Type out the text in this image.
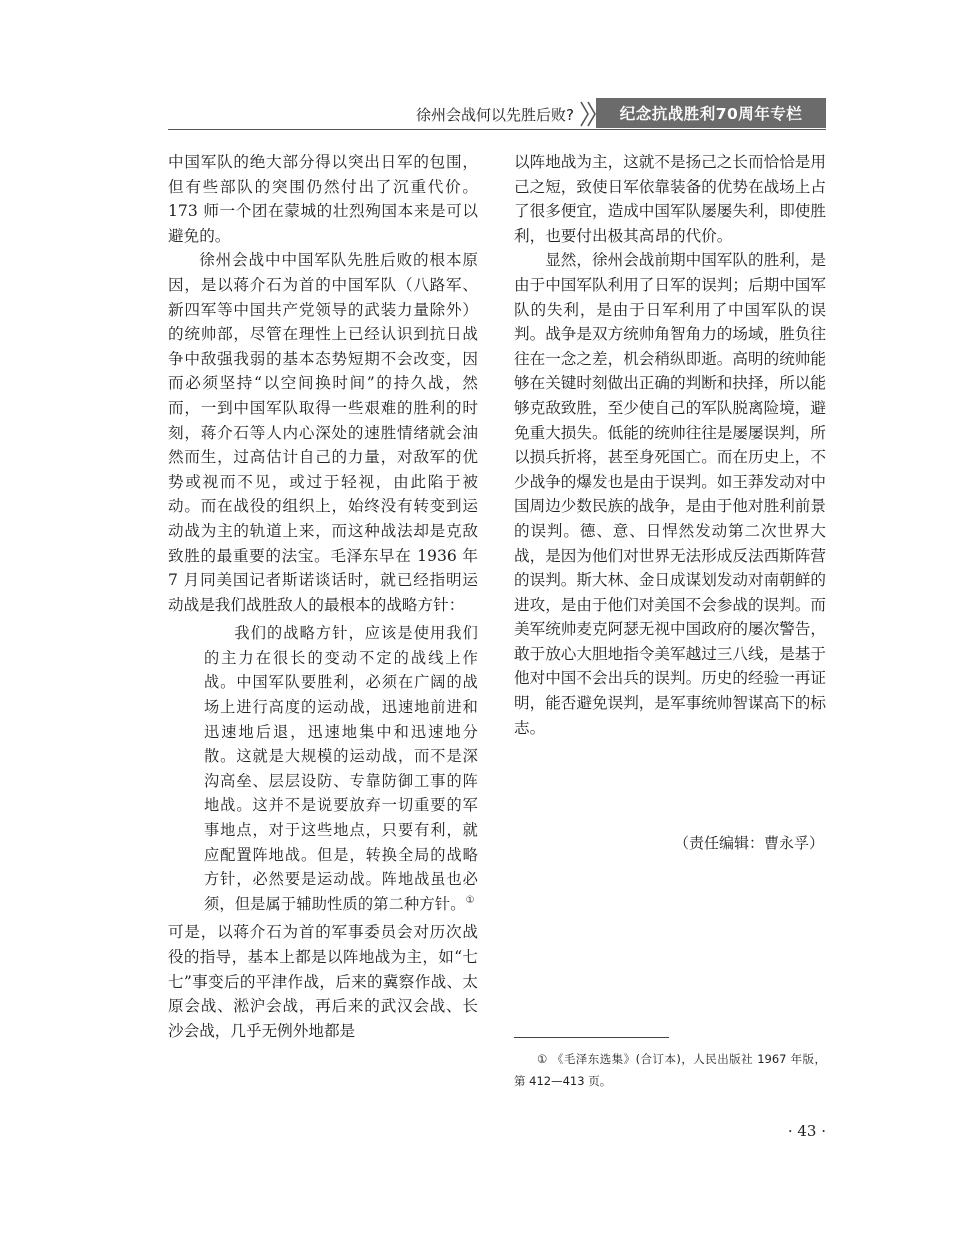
徐州会战何以先胜后败?	纪念抗战胜利70周年专栏

中国军队的绝大部分得以突出日军的包围，但有些部队的突围仍然付出了沉重代价。173 师一个团在蒙城的壮烈殉国本来是可以避免的。

徐州会战中中国军队先胜后败的根本原因，是以蒋介石为首的中国军队（八路军、新四军等中国共产党领导的武装力量除外）的统帅部，尽管在理性上已经认识到抗日战争中敌强我弱的基本态势短期不会改变，因而必须坚持“以空间换时间”的持久战，然而，一到中国军队取得一些艰难的胜利的时刻，蒋介石等人内心深处的速胜情绪就会油然而生，过高估计自己的力量，对敌军的优势或视而不见，或过于轻视，由此陷于被动。而在战役的组织上，始终没有转变到运动战为主的轨道上来，而这种战法却是克敌致胜的最重要的法宝。毛泽东早在 1936 年 7 月同美国记者斯诺谈话时，就已经指明运动战是我们战胜敌人的最根本的战略方针：

我们的战略方针，应该是使用我们的主力在很长的变动不定的战线上作战。中国军队要胜利，必须在广阔的战场上进行高度的运动战，迅速地前进和迅速地后退，迅速地集中和迅速地分散。这就是大规模的运动战，而不是深沟高垒、层层设防、专靠防御工事的阵地战。这并不是说要放弃一切重要的军事地点，对于这些地点，只要有利，就应配置阵地战。但是，转换全局的战略方针，必然要是运动战。阵地战虽也必须，但是属于辅助性质的第二种方针。①

可是，以蒋介石为首的军事委员会对历次战役的指导，基本上都是以阵地战为主，如“七七”事变后的平津作战，后来的冀察作战、太原会战、淞沪会战，再后来的武汉会战、长沙会战，几乎无例外地都是

以阵地战为主，这就不是扬己之长而恰恰是用己之短，致使日军依靠装备的优势在战场上占了很多便宜，造成中国军队屡屡失利，即使胜利，也要付出极其高昂的代价。

显然，徐州会战前期中国军队的胜利，是由于中国军队利用了日军的误判；后期中国军队的失利，是由于日军利用了中国军队的误判。战争是双方统帅角智角力的场域，胜负往往在一念之差，机会稍纵即逝。高明的统帅能够在关键时刻做出正确的判断和抉择，所以能够克敌致胜，至少使自己的军队脱离险境，避免重大损失。低能的统帅往往是屡屡误判，所以损兵折将，甚至身死国亡。而在历史上，不少战争的爆发也是由于误判。如王莽发动对中国周边少数民族的战争，是由于他对胜利前景的误判。德、意、日悍然发动第二次世界大战，是因为他们对世界无法形成反法西斯阵营的误判。斯大林、金日成谋划发动对南朝鲜的进攻，是由于他们对美国不会参战的误判。而美军统帅麦克阿瑟无视中国政府的屡次警告，敢于放心大胆地指令美军越过三八线，是基于他对中国不会出兵的误判。历史的经验一再证明，能否避免误判，是军事统帅智谋高下的标志。

（责任编辑：曹永孚）
① 《毛泽东选集》(合订本)，人民出版社 1967 年版，第 412—413 页。
· 43 ·
